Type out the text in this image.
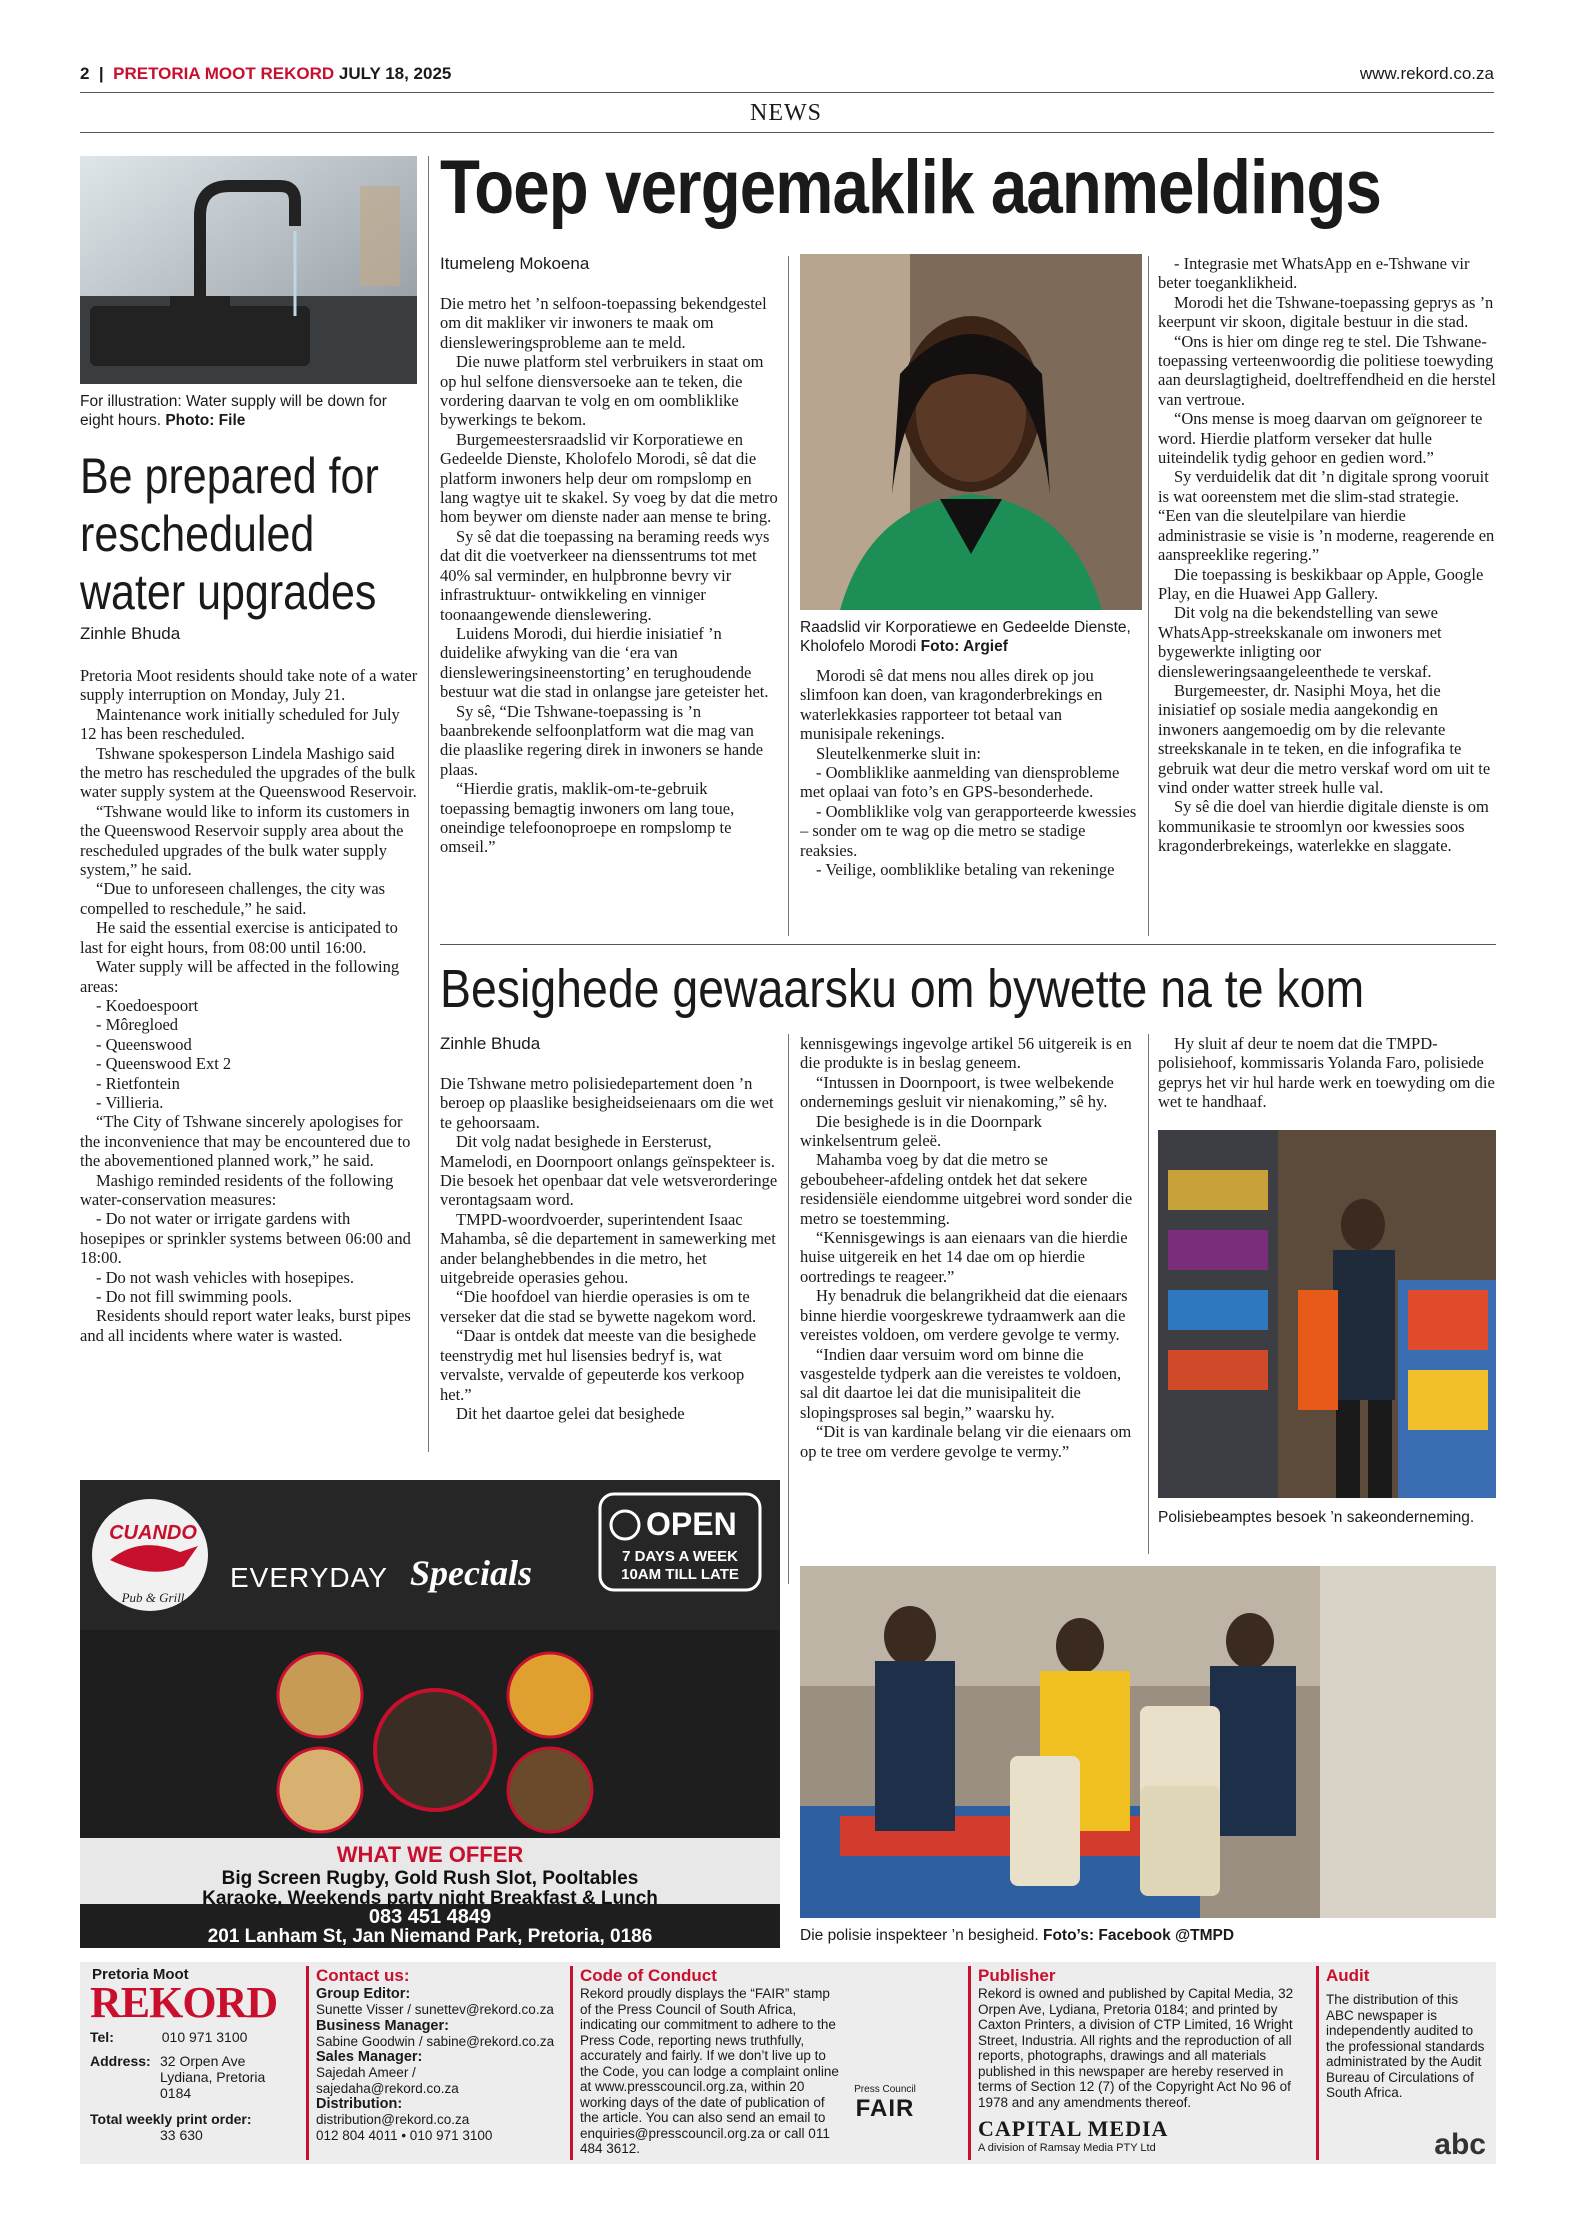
2 | PRETORIA MOOT REKORD JULY 18, 2025	www.rekord.co.za
NEWS
For illustration: Water supply will be down for eight hours. Photo: File
Be prepared for rescheduled water upgrades
Zinhle Bhuda

Pretoria Moot residents should take note of a water supply interruption on Monday, July 21.

Maintenance work initially scheduled for July 12 has been rescheduled.

Tshwane spokesperson Lindela Mashigo said the metro has rescheduled the upgrades of the bulk water supply system at the Queenswood Reservoir.

“Tshwane would like to inform its customers in the Queenswood Reservoir supply area about the rescheduled upgrades of the bulk water supply system,” he said.

“Due to unforeseen challenges, the city was compelled to reschedule,” he said.

He said the essential exercise is anticipated to last for eight hours, from 08:00 until 16:00.

Water supply will be affected in the following areas:

- Koedoespoort

- Môregloed

- Queenswood

- Queenswood Ext 2

- Rietfontein

- Villieria.

“The City of Tshwane sincerely apologises for the inconvenience that may be encountered due to the abovementioned planned work,” he said.

Mashigo reminded residents of the following water-conservation measures:

- Do not water or irrigate gardens with hosepipes or sprinkler systems between 06:00 and 18:00.

- Do not wash vehicles with hosepipes.

- Do not fill swimming pools.

Residents should report water leaks, burst pipes and all incidents where water is wasted.

Toep vergemaklik aanmeldings
Itumeleng Mokoena

Die metro het ’n selfoon-toepassing bekendgestel om dit makliker vir inwoners te maak om diensleweringsprobleme aan te meld.

Die nuwe platform stel verbruikers in staat om op hul selfone diensversoeke aan te teken, die vordering daarvan te volg en om oombliklike bywerkings te bekom.

Burgemeestersraadslid vir Korporatiewe en Gedeelde Dienste, Kholofelo Morodi, sê dat die platform inwoners help deur om rompslomp en lang wagtye uit te skakel. Sy voeg by dat die metro hom beywer om dienste nader aan mense te bring.

Sy sê dat die toepassing na beraming reeds wys dat dit die voetverkeer na dienssentrums tot met 40% sal verminder, en hulpbronne bevry vir infrastruktuur- ontwikkeling en vinniger toonaangewende dienslewering.

Luidens Morodi, dui hierdie inisiatief ’n duidelike afwyking van die ‘era van diensleweringsineenstorting’ en terughoudende bestuur wat die stad in onlangse jare geteister het.

Sy sê, “Die Tshwane-toepassing is ’n baanbrekende selfoonplatform wat die mag van die plaaslike regering direk in inwoners se hande plaas.

“Hierdie gratis, maklik-om-te-gebruik toepassing bemagtig inwoners om lang toue, oneindige telefoonoproepe en rompslomp te omseil.”

Raadslid vir Korporatiewe en Gedeelde Dienste, Kholofelo Morodi Foto: Argief

Morodi sê dat mens nou alles direk op jou slimfoon kan doen, van kragonderbrekings en waterlekkasies rapporteer tot betaal van munisipale rekenings.

Sleutelkenmerke sluit in:

- Oombliklike aanmelding van diensprobleme met oplaai van foto’s en GPS-besonderhede.

- Oombliklike volg van gerapporteerde kwessies – sonder om te wag op die metro se stadige reaksies.

- Veilige, oombliklike betaling van rekeninge

- Integrasie met WhatsApp en e-Tshwane vir beter toeganklikheid.

Morodi het die Tshwane-toepassing geprys as ’n keerpunt vir skoon, digitale bestuur in die stad.

“Ons is hier om dinge reg te stel. Die Tshwane-toepassing verteenwoordig die politiese toewyding aan deurslagtigheid, doeltreffendheid en die herstel van vertroue.

“Ons mense is moeg daarvan om geïgnoreer te word. Hierdie platform verseker dat hulle uiteindelik tydig gehoor en gedien word.”

Sy verduidelik dat dit ’n digitale sprong vooruit is wat ooreenstem met die slim-stad strategie. “Een van die sleutelpilare van hierdie administrasie se visie is ’n moderne, reagerende en aanspreeklike regering.”

Die toepassing is beskikbaar op Apple, Google Play, en die Huawei App Gallery.

Dit volg na die bekendstelling van sewe WhatsApp-streekskanale om inwoners met bygewerkte inligting oor diensleweringsaangeleenthede te verskaf.

Burgemeester, dr. Nasiphi Moya, het die inisiatief op sosiale media aangekondig en inwoners aangemoedig om by die relevante streekskanale in te teken, en die infografika te gebruik wat deur die metro verskaf word om uit te vind onder watter streek hulle val.

Sy sê die doel van hierdie digitale dienste is om kommunikasie te stroomlyn oor kwessies soos kragonderbrekeings, waterlekke en slaggate.

Besighede gewaarsku om bywette na te kom
Zinhle Bhuda

Die Tshwane metro polisiedepartement doen ’n beroep op plaaslike besigheidseienaars om die wet te gehoorsaam.

Dit volg nadat besighede in Eersterust, Mamelodi, en Doornpoort onlangs geïnspekteer is. Die besoek het openbaar dat vele wetsverorderinge verontagsaam word.

TMPD-woordvoerder, superintendent Isaac Mahamba, sê die departement in samewerking met ander belanghebbendes in die metro, het uitgebreide operasies gehou.

“Die hoofdoel van hierdie operasies is om te verseker dat die stad se bywette nagekom word.

“Daar is ontdek dat meeste van die besighede teenstrydig met hul lisensies bedryf is, wat vervalste, vervalde of gepeuterde kos verkoop het.”

Dit het daartoe gelei dat besighede

kennisgewings ingevolge artikel 56 uitgereik is en die produkte is in beslag geneem.

“Intussen in Doornpoort, is twee welbekende ondernemings gesluit vir nienakoming,” sê hy.

Die besighede is in die Doornpark winkelsentrum geleë.

Mahamba voeg by dat die metro se geboubeheer-afdeling ontdek het dat sekere residensiële eiendomme uitgebrei word sonder die metro se toestemming.

“Kennisgewings is aan eienaars van die hierdie huise uitgereik en het 14 dae om op hierdie oortredings te reageer.”

Hy benadruk die belangrikheid dat die eienaars binne hierdie voorgeskrewe tydraamwerk aan die vereistes voldoen, om verdere gevolge te vermy.

“Indien daar versuim word om binne die vasgestelde tydperk aan die vereistes te voldoen, sal dit daartoe lei dat die munisipaliteit die slopingsproses sal begin,” waarsku hy.

“Dit is van kardinale belang vir die eienaars om op te tree om verdere gevolge te vermy.”

Hy sluit af deur te noem dat die TMPD-polisiehoof, kommissaris Yolanda Faro, polisiede geprys het vir hul harde werk en toewyding om die wet te handhaaf.

Polisiebeamptes besoek ’n sakeonderneming.
Die polisie inspekteer ’n besigheid. Foto’s: Facebook @TMPD
CUANDO
Pub & Grill
EVERYDAY Specials
OPEN
7 DAYS A WEEK
10AM TILL LATE
WHAT WE OFFER
Big Screen Rugby, Gold Rush Slot, Pooltables
Karaoke, Weekends party night Breakfast & Lunch
083 451 4849
201 Lanham St, Jan Niemand Park, Pretoria, 0186
Pretoria Moot
REKORD
Tel:	010 971 3100
Address: 32 Orpen Ave
Lydiana, Pretoria
0184
Total weekly print order:
33 630
Contact us:
Group Editor:
Sunette Visser / sunettev@rekord.co.za
Business Manager:
Sabine Goodwin / sabine@rekord.co.za
Sales Manager:
Sajedah Ameer / sajedaha@rekord.co.za
Distribution:
distribution@rekord.co.za
012 804 4011 • 010 971 3100
Code of Conduct
Rekord proudly displays the “FAIR” stamp of the Press Council of South Africa, indicating our commitment to adhere to the Press Code, reporting news truthfully, accurately and fairly. If we don’t live up to the Code, you can lodge a complaint online at www.presscouncil.org.za, within 20 working days of the date of publication of the article. You can also send an email to enquiries@presscouncil.org.za or call 011 484 3612.
Press Council
FAIR
Publisher
Rekord is owned and published by Capital Media, 32 Orpen Ave, Lydiana, Pretoria 0184; and printed by Caxton Printers, a division of CTP Limited, 16 Wright Street, Industria. All rights and the reproduction of all reports, photographs, drawings and all materials published in this newspaper are hereby reserved in terms of Section 12 (7) of the Copyright Act No 96 of 1978 and any amendments thereof.
CAPITAL MEDIA
A division of Ramsay Media PTY Ltd
Audit
The distribution of this ABC newspaper is independently audited to the professional standards administrated by the Audit Bureau of Circulations of South Africa.
abc
